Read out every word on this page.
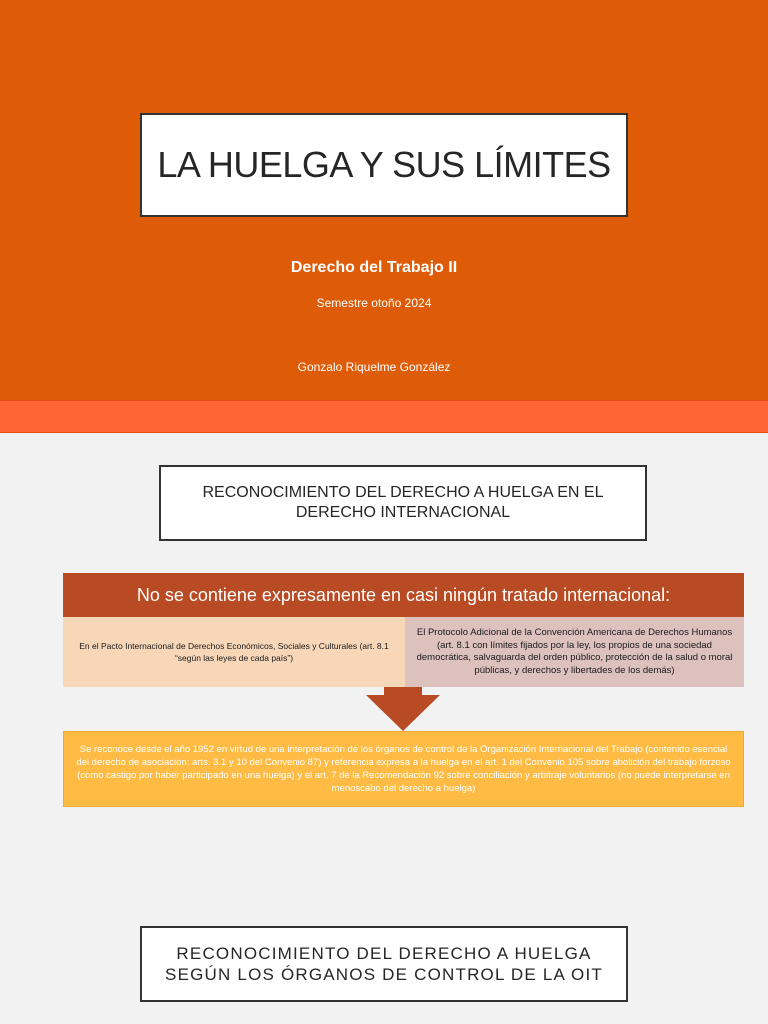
LA HUELGA Y SUS LÍMITES
Derecho del Trabajo II
Semestre otoño 2024
Gonzalo Riquelme González
RECONOCIMIENTO DEL DERECHO A HUELGA EN EL DERECHO INTERNACIONAL
No se contiene expresamente en casi ningún tratado internacional:
En el Pacto Internacional de Derechos Económicos, Sociales y Culturales (art. 8.1 “según las leyes de cada país”)
El Protocolo Adicional de la Convención Americana de Derechos Humanos (art. 8.1 con límites fijados por la ley, los propios de una sociedad democrática, salvaguarda del orden público, protección de la salud o moral públicas, y derechos y libertades de los demás)
Se reconoce desde el año 1952 en virtud de una interpretación de los órganos de control de la Organización Internacional del Trabajo (contenido esencial del derecho de asociación: arts. 3.1 y 10 del Convenio 87) y referencia expresa a la huelga en el art. 1 del Convenio 105 sobre abolición del trabajo forzoso (como castigo por haber participado en una huelga) y el art. 7 de la Recomendación 92 sobre conciliación y arbitraje voluntarios (no puede interpretarse en menoscabo del derecho a huelga)
RECONOCIMIENTO DEL DERECHO A HUELGA SEGÚN LOS ÓRGANOS DE CONTROL DE LA OIT
